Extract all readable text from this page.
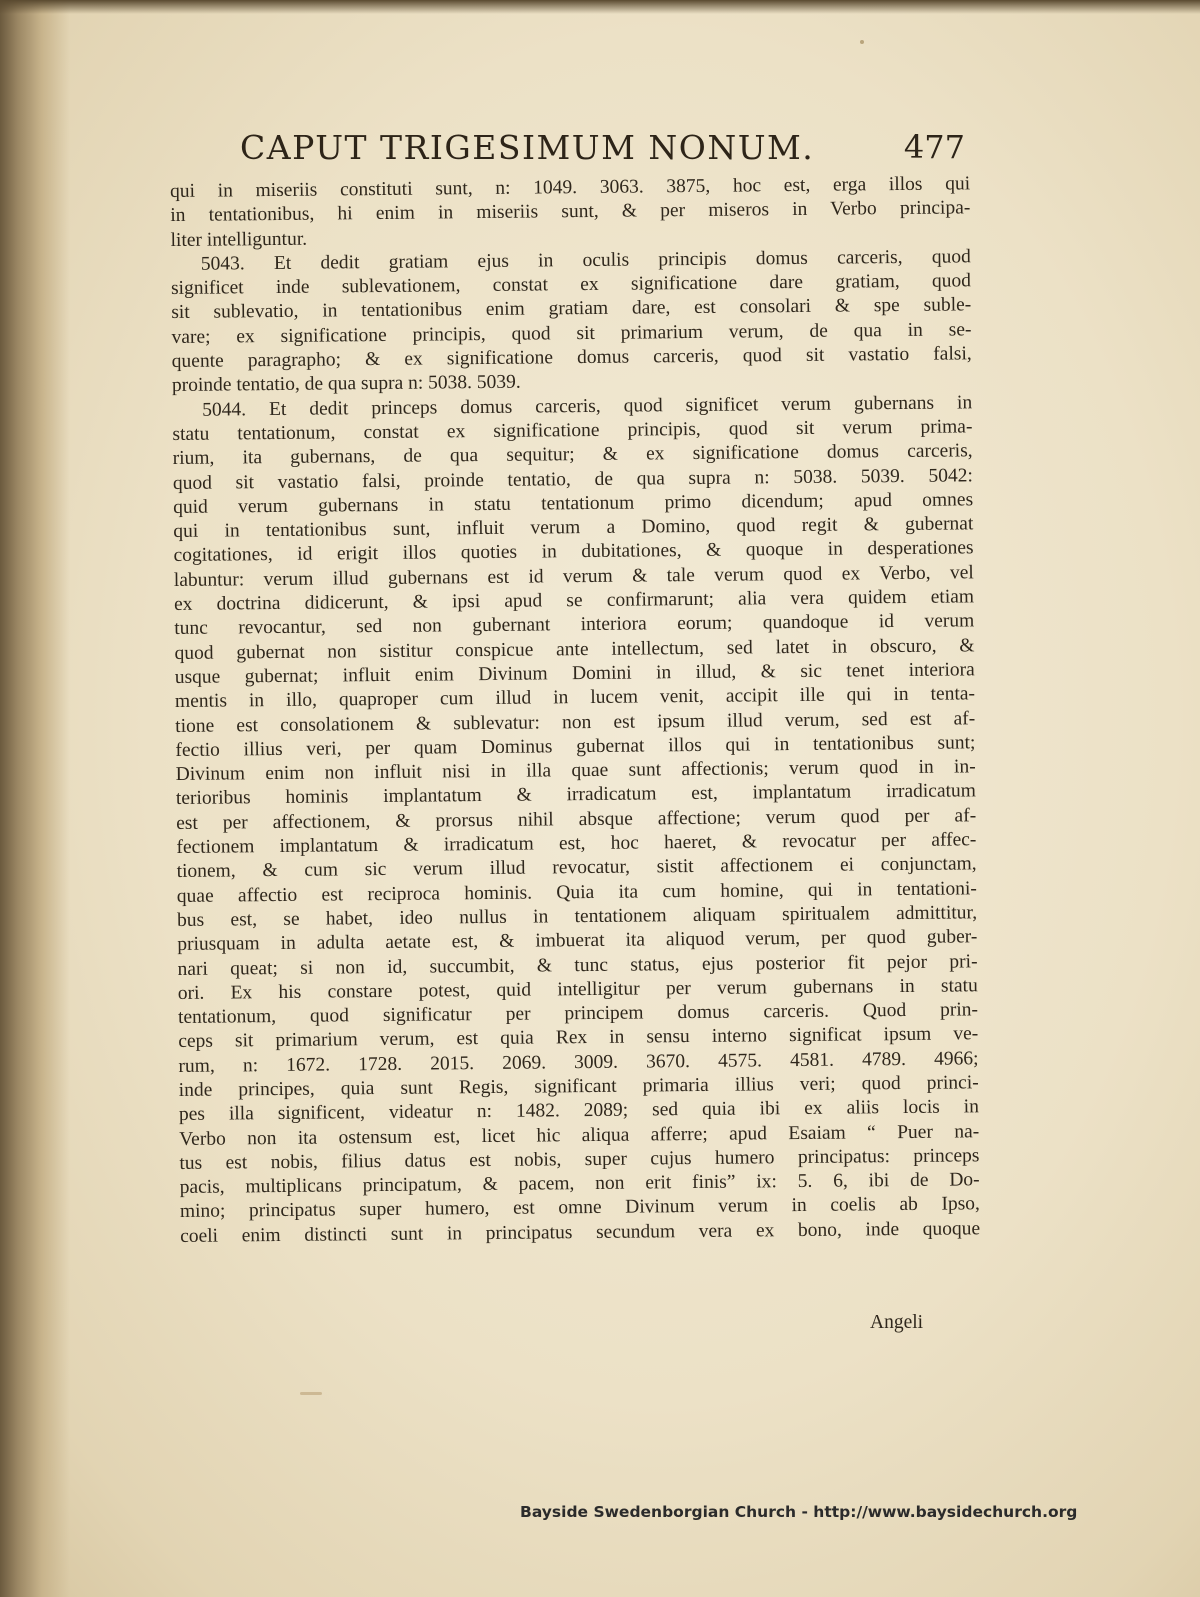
CAPUT TRIGESIMUM NONUM.	477
qui in miseriis constituti sunt, n: 1049. 3063. 3875, hoc est, erga illos qui
in tentationibus, hi enim in miseriis sunt, & per miseros in Verbo principa-
liter intelliguntur.
5043. Et dedit gratiam ejus in oculis principis domus carceris, quod
significet inde sublevationem, constat ex significatione dare gratiam, quod
sit sublevatio, in tentationibus enim gratiam dare, est consolari & spe suble-
vare; ex significatione principis, quod sit primarium verum, de qua in se-
quente paragrapho; & ex significatione domus carceris, quod sit vastatio falsi,
proinde tentatio, de qua supra n: 5038. 5039.
5044. Et dedit princeps domus carceris, quod significet verum gubernans in
statu tentationum, constat ex significatione principis, quod sit verum prima-
rium, ita gubernans, de qua sequitur; & ex significatione domus carceris,
quod sit vastatio falsi, proinde tentatio, de qua supra n: 5038. 5039. 5042:
quid verum gubernans in statu tentationum primo dicendum; apud omnes
qui in tentationibus sunt, influit verum a Domino, quod regit & gubernat
cogitationes, id erigit illos quoties in dubitationes, & quoque in desperationes
labuntur: verum illud gubernans est id verum & tale verum quod ex Verbo, vel
ex doctrina didicerunt, & ipsi apud se confirmarunt; alia vera quidem etiam
tunc revocantur, sed non gubernant interiora eorum; quandoque id verum
quod gubernat non sistitur conspicue ante intellectum, sed latet in obscuro, &
usque gubernat; influit enim Divinum Domini in illud, & sic tenet interiora
mentis in illo, quaproper cum illud in lucem venit, accipit ille qui in tenta-
tione est consolationem & sublevatur: non est ipsum illud verum, sed est af-
fectio illius veri, per quam Dominus gubernat illos qui in tentationibus sunt;
Divinum enim non influit nisi in illa quae sunt affectionis; verum quod in in-
terioribus hominis implantatum & irradicatum est, implantatum irradicatum
est per affectionem, & prorsus nihil absque affectione; verum quod per af-
fectionem implantatum & irradicatum est, hoc haeret, & revocatur per affec-
tionem, & cum sic verum illud revocatur, sistit affectionem ei conjunctam,
quae affectio est reciproca hominis. Quia ita cum homine, qui in tentationi-
bus est, se habet, ideo nullus in tentationem aliquam spiritualem admittitur,
priusquam in adulta aetate est, & imbuerat ita aliquod verum, per quod guber-
nari queat; si non id, succumbit, & tunc status, ejus posterior fit pejor pri-
ori. Ex his constare potest, quid intelligitur per verum gubernans in statu
tentationum, quod significatur per principem domus carceris. Quod prin-
ceps sit primarium verum, est quia Rex in sensu interno significat ipsum ve-
rum, n: 1672. 1728. 2015. 2069. 3009. 3670. 4575. 4581. 4789. 4966;
inde principes, quia sunt Regis, significant primaria illius veri; quod princi-
pes illa significent, videatur n: 1482. 2089; sed quia ibi ex aliis locis in
Verbo non ita ostensum est, licet hic aliqua afferre; apud Esaiam “ Puer na-
tus est nobis, filius datus est nobis, super cujus humero principatus: princeps
pacis, multiplicans principatum, & pacem, non erit finis” ix: 5. 6, ibi de Do-
mino; principatus super humero, est omne Divinum verum in coelis ab Ipso,
coeli enim distincti sunt in principatus secundum vera ex bono, inde quoque
Angeli
Bayside Swedenborgian Church - http://www.baysidechurch.org
